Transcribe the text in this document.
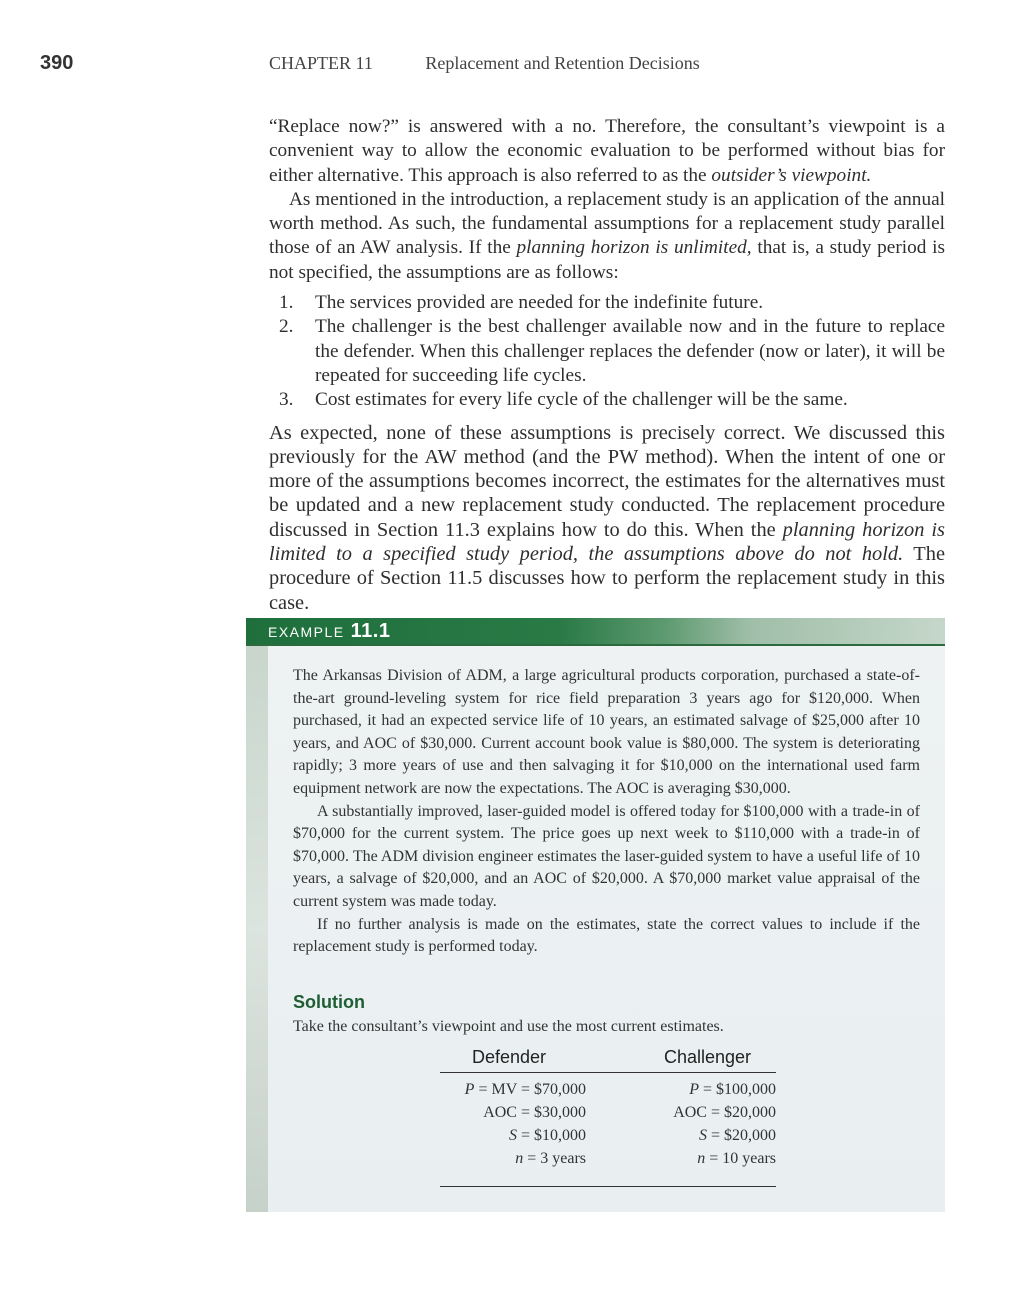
390	CHAPTER 11	Replacement and Retention Decisions

“Replace now?” is answered with a no. Therefore, the consultant’s viewpoint is a convenient way to allow the economic evaluation to be performed without bias for either alternative. This approach is also referred to as the outsider’s viewpoint.

As mentioned in the introduction, a replacement study is an application of the annual worth method. As such, the fundamental assumptions for a replacement study parallel those of an AW analysis. If the planning horizon is unlimited, that is, a study period is not specified, the assumptions are as follows:

1. The services provided are needed for the indefinite future.
2. The challenger is the best challenger available now and in the future to replace the defender. When this challenger replaces the defender (now or later), it will be repeated for succeeding life cycles.
3. Cost estimates for every life cycle of the challenger will be the same.

As expected, none of these assumptions is precisely correct. We discussed this previously for the AW method (and the PW method). When the intent of one or more of the assumptions becomes incorrect, the estimates for the alternatives must be updated and a new replacement study conducted. The replacement procedure discussed in Section 11.3 explains how to do this. When the planning horizon is limited to a specified study period, the assumptions above do not hold. The procedure of Section 11.5 discusses how to perform the replacement study in this case.

EXAMPLE 11.1

The Arkansas Division of ADM, a large agricultural products corporation, purchased a state-of-the-art ground-leveling system for rice field preparation 3 years ago for $120,000. When purchased, it had an expected service life of 10 years, an estimated salvage of $25,000 after 10 years, and AOC of $30,000. Current account book value is $80,000. The system is deteriorating rapidly; 3 more years of use and then salvaging it for $10,000 on the international used farm equipment network are now the expectations. The AOC is averaging $30,000.

A substantially improved, laser-guided model is offered today for $100,000 with a trade-in of $70,000 for the current system. The price goes up next week to $110,000 with a trade-in of $70,000. The ADM division engineer estimates the laser-guided system to have a useful life of 10 years, a salvage of $20,000, and an AOC of $20,000. A $70,000 market value appraisal of the current system was made today.

If no further analysis is made on the estimates, state the correct values to include if the replacement study is performed today.

Solution
Take the consultant’s viewpoint and use the most current estimates.
Defender	Challenger
P = MV = $70,000	P = $100,000
AOC = $30,000	AOC = $20,000
S = $10,000	S = $20,000
n = 3 years	n = 10 years
